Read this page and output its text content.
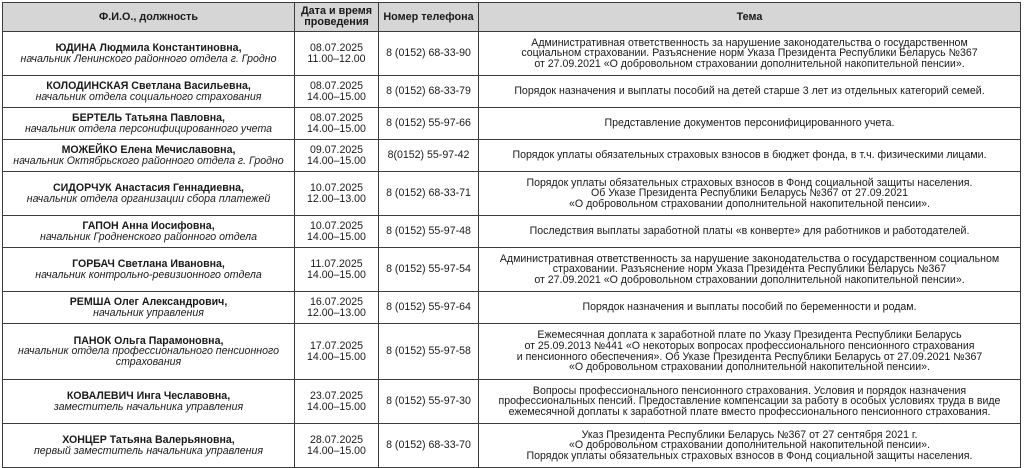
Ф.И.О., должность	Дата и время проведения	Номер телефона	Тема

ЮДИНА Людмила Константиновна,
начальник Ленинского районного отдела г. Гродно	08.07.2025
11.00–12.00	8 (0152) 68-33-90	Административная ответственность за нарушение законодательства о государственном
социальном страховании. Разъяснение норм Указа Президента Республики Беларусь №367
от 27.09.2021 «О добровольном страховании дополнительной накопительной пенсии».

КОЛОДИНСКАЯ Светлана Васильевна,
начальник отдела социального страхования	08.07.2025
14.00–15.00	8 (0152) 68-33-79	Порядок назначения и выплаты пособий на детей старше 3 лет из отдельных категорий семей.

БЕРТЕЛЬ Татьяна Павловна,
начальник отдела персонифицированного учета	08.07.2025
14.00–15.00	8 (0152) 55-97-66	Представление документов персонифицированного учета.

МОЖЕЙКО Елена Мечиславовна,
начальник Октябрьского районного отдела г. Гродно	09.07.2025
14.00–15.00	8(0152) 55-97-42	Порядок уплаты обязательных страховых взносов в бюджет фонда, в т.ч. физическими лицами.

СИДОРЧУК Анастасия Геннадиевна,
начальник отдела организации сбора платежей	10.07.2025
12.00–13.00	8 (0152) 68-33-71	Порядок уплаты обязательных страховых взносов в Фонд социальной защиты населения.
Об Указе Президента Республики Беларусь №367 от 27.09.2021
«О добровольном страховании дополнительной накопительной пенсии».

ГАПОН Анна Иосифовна,
начальник Гродненского районного отдела	10.07.2025
14.00–15.00	8 (0152) 55-97-48	Последствия выплаты заработной платы «в конверте» для работников и работодателей.

ГОРБАЧ Светлана Ивановна,
начальник контрольно-ревизионного отдела	11.07.2025
14.00–15.00	8 (0152) 55-97-54	Административная ответственность за нарушение законодательства о государственном социальном
страховании. Разъяснение норм Указа Президента Республики Беларусь №367
от 27.09.2021 «О добровольном страховании дополнительной накопительной пенсии».

РЕМША Олег Александрович,
начальник управления	16.07.2025
12.00–13.00	8 (0152) 55-97-64	Порядок назначения и выплаты пособий по беременности и родам.

ПАНОК Ольга Парамоновна,
начальник отдела профессионального пенсионного страхования	17.07.2025
14.00–15.00	8 (0152) 55-97-58	Ежемесячная доплата к заработной плате по Указу Президента Республики Беларусь
от 25.09.2013 №441 «О некоторых вопросах профессионального пенсионного страхования
и пенсионного обеспечения». Об Указе Президента Республики Беларусь от 27.09.2021 №367
«О добровольном страховании дополнительной накопительной пенсии».

КОВАЛЕВИЧ Инга Чеславовна,
заместитель начальника управления	23.07.2025
14.00–15.00	8 (0152) 55-97-30	Вопросы профессионального пенсионного страхования. Условия и порядок назначения
профессиональных пенсий. Предоставление компенсации за работу в особых условиях труда в виде
ежемесячной доплаты к заработной плате вместо профессионального пенсионного страхования.

ХОНЦЕР Татьяна Валерьяновна,
первый заместитель начальника управления	28.07.2025
14.00–15.00	8 (0152) 68-33-70	Указ Президента Республики Беларусь №367 от 27 сентября 2021 г.
«О добровольном страховании дополнительной накопительной пенсии».
Порядок уплаты обязательных страховых взносов в Фонд социальной защиты населения.
